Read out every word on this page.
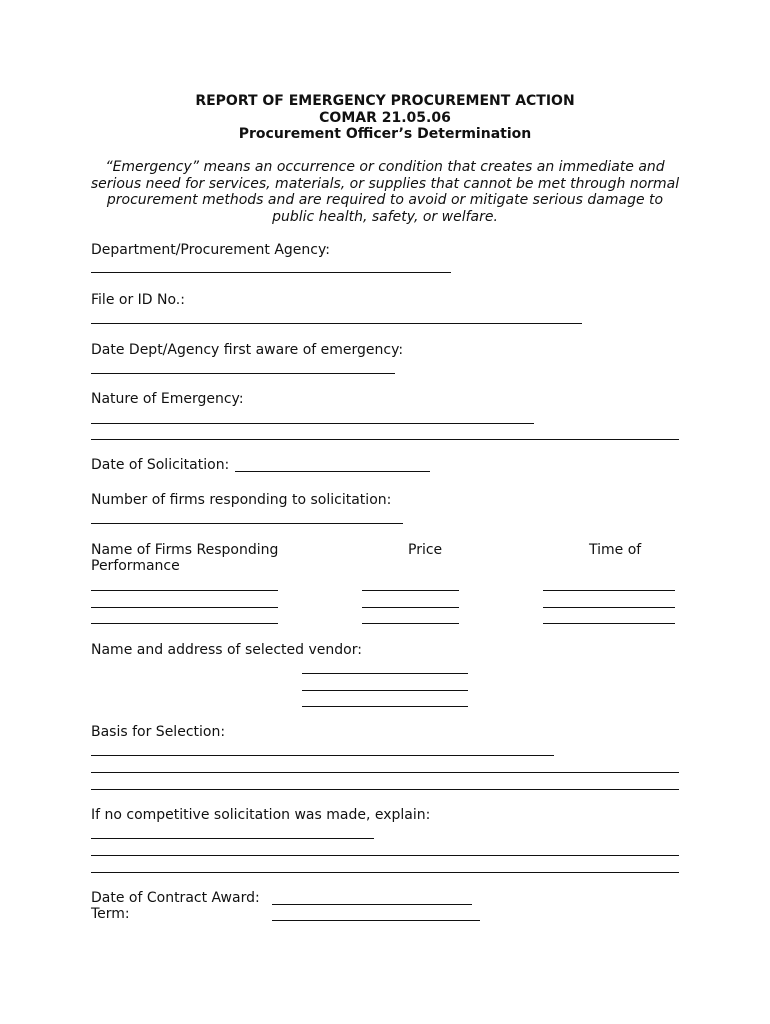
REPORT OF EMERGENCY PROCUREMENT ACTION

COMAR 21.05.06

Procurement Officer’s Determination

“Emergency” means an occurrence or condition that creates an immediate and

serious need for services, materials, or supplies that cannot be met through normal

procurement methods and are required to avoid or mitigate serious damage to

public health, safety, or welfare.

Department/Procurement Agency:

File or ID No.:

Date Dept/Agency first aware of emergency:

Nature of Emergency:

Date of Solicitation:

Number of firms responding to solicitation:

Name of Firms Responding

Performance

Price	Time of

Name and address of selected vendor:

Basis for Selection:

If no competitive solicitation was made, explain:

Date of Contract Award:

Term:
